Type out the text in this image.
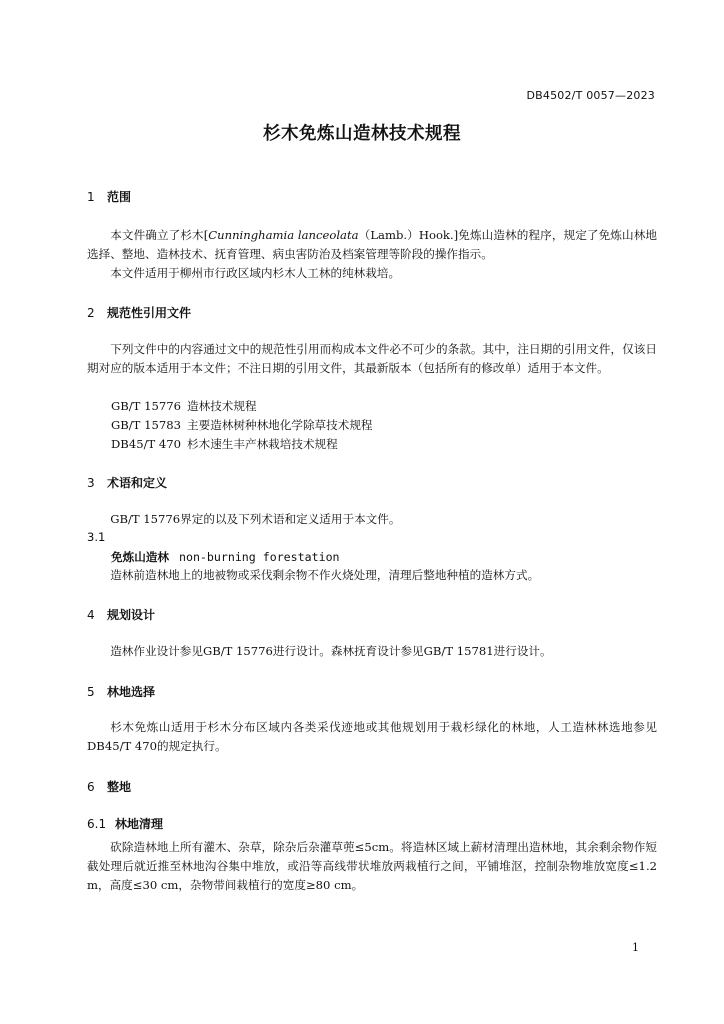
DB4502/T 0057—2023
杉木免炼山造林技术规程
1 范围

本文件确立了杉木[Cunninghamia lanceolata（Lamb.）Hook.]免炼山造林的程序，规定了免炼山林地选择、整地、造林技术、抚育管理、病虫害防治及档案管理等阶段的操作指示。

本文件适用于柳州市行政区域内杉木人工林的纯林栽培。

2 规范性引用文件

下列文件中的内容通过文中的规范性引用而构成本文件必不可少的条款。其中，注日期的引用文件，仅该日期对应的版本适用于本文件；不注日期的引用文件，其最新版本（包括所有的修改单）适用于本文件。

GB/T 15776 造林技术规程
GB/T 15783 主要造林树种林地化学除草技术规程
DB45/T 470 杉木速生丰产林栽培技术规程
3 术语和定义

GB/T 15776界定的以及下列术语和定义适用于本文件。

3.1
免炼山造林 non-burning forestation

造林前造林地上的地被物或采伐剩余物不作火烧处理，清理后整地种植的造林方式。

4 规划设计

造林作业设计参见GB/T 15776进行设计。森林抚育设计参见GB/T 15781进行设计。

5 林地选择

杉木免炼山适用于杉木分布区域内各类采伐迹地或其他规划用于栽杉绿化的林地，人工造林林选地参见DB45/T 470的规定执行。

6 整地
6.1 林地清理

砍除造林地上所有灌木、杂草，除杂后杂灌草蔸≤5cm。将造林区域上薪材清理出造林地，其余剩余物作短截处理后就近推至林地沟谷集中堆放，或沿等高线带状堆放两栽植行之间，平铺堆沤，控制杂物堆放宽度≤1.2 m，高度≤30 cm，杂物带间栽植行的宽度≥80 cm。

1
